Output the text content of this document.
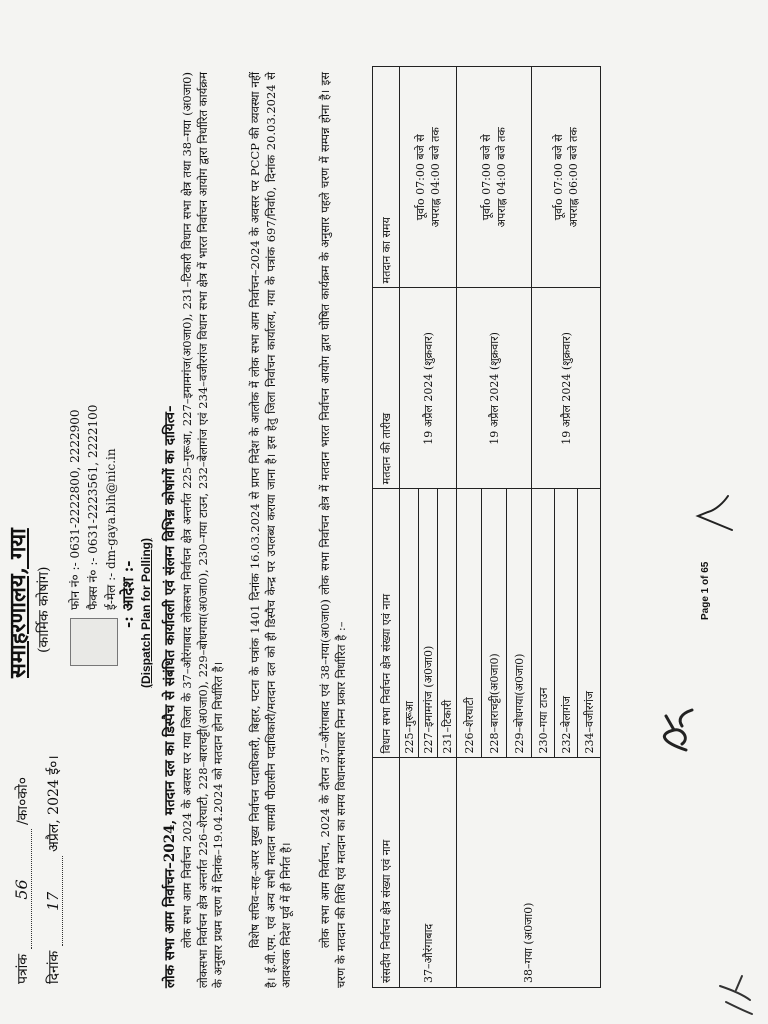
पत्रांक 56 /का०को०
दिनांक 17 अप्रैल, 2024 ई०।
समाहरणालय, गया (कार्मिक कोषांग) फोन नं० :- 0631-2222800, 2222900 फैक्स नं० :- 0631-2223561, 2222100 ई-मेल :- dm-gaya.bih@nic.in -: आदेश :- (Dispatch Plan for Polling) लोक सभा आम निर्वाचन–2024, मतदान दल का डिस्पैच से संबंधित कार्यावली एवं संलग्न विभिन्न कोषांगों का दायित्व– लोक सभा आम निर्वाचन 2024 के अवसर पर गया जिला के 37–औरंगाबाद लोकसभा निर्वाचन क्षेत्र अन्तर्गत 225–गुरूआ, 227–इमामगंज(अ0जा0), 231–टिकारी विधान सभा क्षेत्र तथा 38–गया (अ0जा0) लोकसभा निर्वाचन क्षेत्र अन्तर्गत 226–शेरघाटी, 228–बाराचट्टी(अ0जा0), 229–बोधगया(अ0जा0), 230–गया टाउन, 232–बेलागंज एवं 234–वजीरगंज विधान सभा क्षेत्र में भारत निर्वाचन आयोग द्वारा निर्धारित कार्यक्रम के अनुसार प्रथम चरण में दिनांक–19.04.2024 को मतदान होना निर्धारित है। विशेष सचिव–सह–अपर मुख्य निर्वाचन पदाधिकारी, बिहार, पटना के पत्रांक 1401 दिनांक 16.03.2024 से प्राप्त निदेश के आलोक में लोक सभा आम निर्वाचन–2024 के अवसर पर PCCP की व्यवस्था नहीं है। ई.वी.एम. एवं अन्य सभी मतदान सामग्री पीठासीन पदाधिकारी/मतदान दल को ही डिस्पैच केन्द्र पर उपलब्ध कराया जाना है। इस हेतु जिला निर्वाचन कार्यालय, गया के पत्रांक 697/निर्वा0, दिनांक 20.03.2024 से आवश्यक निदेश पूर्व में ही निर्गत है। लोक सभा आम निर्वाचन, 2024 के दौरान 37–औरंगाबाद एवं 38–गया(अ0जा0) लोक सभा निर्वाचन क्षेत्र में मतदान भारत निर्वाचन आयोग द्वारा घोषित कार्यक्रम के अनुसार पहले चरण में सम्पन्न होना है। इस चरण के मतदान की तिथि एवं मतदान का समय विधानसभावार निम्न प्रकार निर्धारित है :–	संसदीय निर्वाचन क्षेत्र संख्या एवं नाम	विधान सभा निर्वाचन क्षेत्र संख्या एवं नाम	मतदान की तारीख	मतदान का समय
37–औरंगाबाद	225–गुरूआ	19 अप्रैल 2024 (शुक्रवार)	पूर्वाo 07:00 बजे से अपराह्न 04:00 बजे तक

	227–इमामगंज (अ0जा0)		
	231–टिकारी		
38–गया (अ0जा0)	226–शेरघाटी	19 अप्रैल 2024 (शुक्रवार)	पूर्वाo 07:00 बजे से अपराह्न 04:00 बजे तक

	228–बाराचट्टी(अ0जा0)		
	229–बोधगया(अ0जा0)		
	230–गया टाउन	19 अप्रैल 2024 (शुक्रवार)	पूर्वाo 07:00 बजे से अपराह्न 06:00 बजे तक

	232–बेलागंज		
	234–वजीरगंज		
Page 1 of 65
